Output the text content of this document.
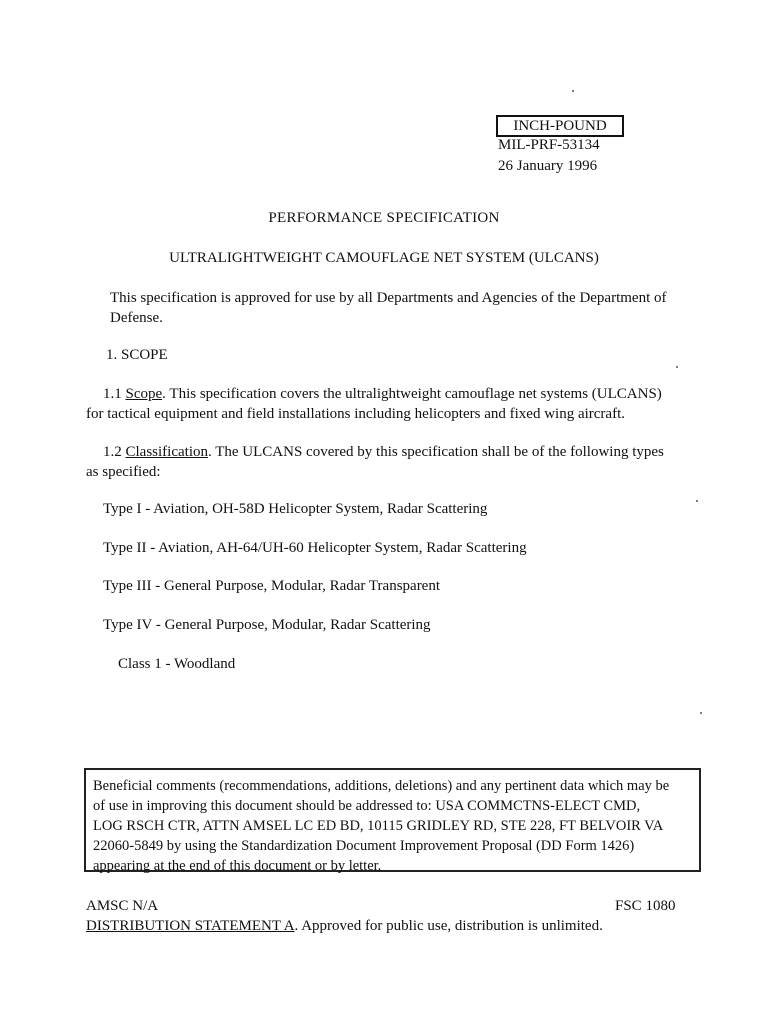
INCH-POUND
MIL-PRF-53134
26 January 1996
PERFORMANCE SPECIFICATION
ULTRALIGHTWEIGHT CAMOUFLAGE NET SYSTEM (ULCANS)
This specification is approved for use by all Departments and Agencies of the Department of
Defense.
1. SCOPE
1.1 Scope. This specification covers the ultralightweight camouflage net systems (ULCANS)
for tactical equipment and field installations including helicopters and fixed wing aircraft.
1.2 Classification. The ULCANS covered by this specification shall be of the following types
as specified:
Type I - Aviation, OH-58D Helicopter System, Radar Scattering
Type II - Aviation, AH-64/UH-60 Helicopter System, Radar Scattering
Type III - General Purpose, Modular, Radar Transparent
Type IV - General Purpose, Modular, Radar Scattering
Class 1 - Woodland
Beneficial comments (recommendations, additions, deletions) and any pertinent data which may be
of use in improving this document should be addressed to: USA COMMCTNS-ELECT CMD,
LOG RSCH CTR, ATTN AMSEL LC ED BD, 10115 GRIDLEY RD, STE 228, FT BELVOIR VA
22060-5849 by using the Standardization Document Improvement Proposal (DD Form 1426)
appearing at the end of this document or by letter.
AMSC N/A	FSC 1080
DISTRIBUTION STATEMENT A. Approved for public use, distribution is unlimited.
